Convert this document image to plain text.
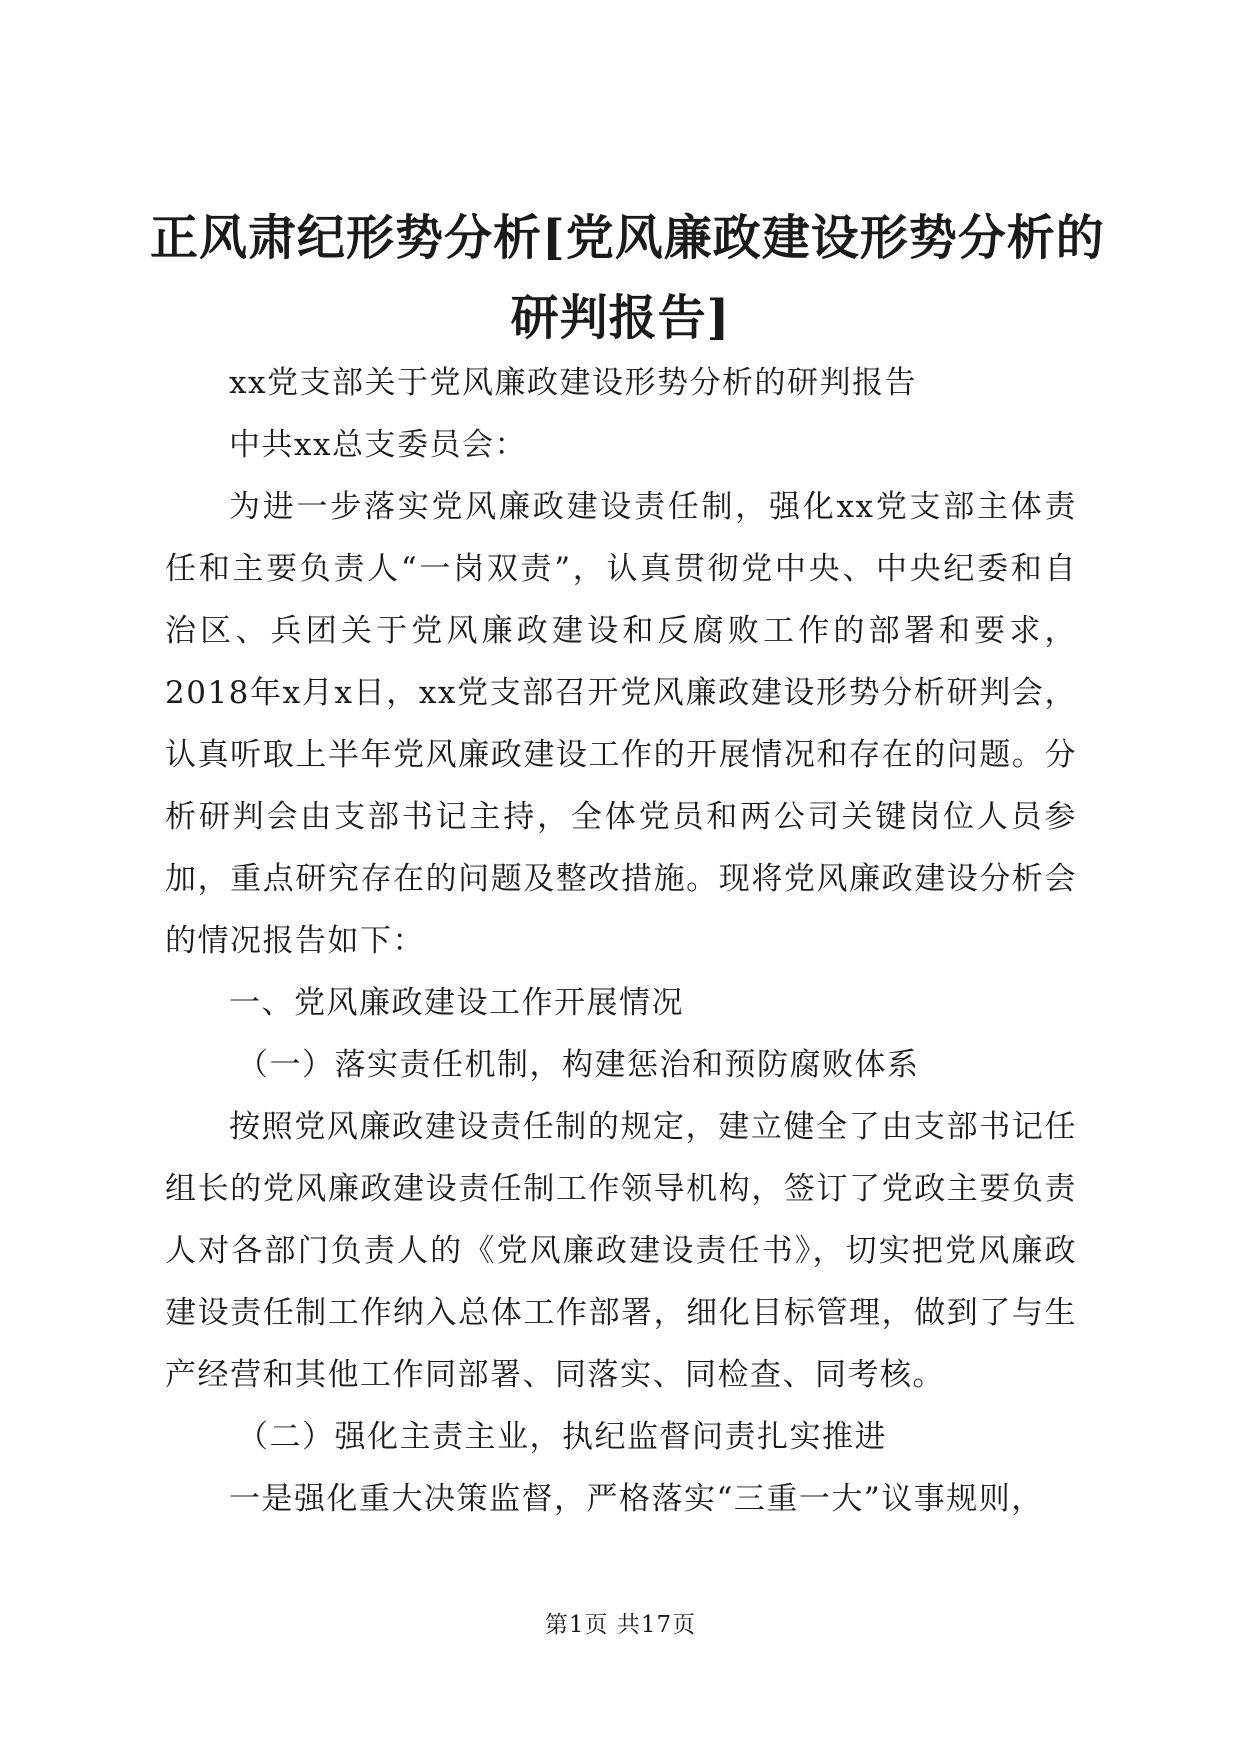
正风肃纪形势分析[党风廉政建设形势分析的
研判报告]

xx党支部关于党风廉政建设形势分析的研判报告

中共xx总支委员会：

为进一步落实党风廉政建设责任制，强化xx党支部主体责任和主要负责人“一岗双责”，认真贯彻党中央、中央纪委和自治区、兵团关于党风廉政建设和反腐败工作的部署和要求，2018年x月x日，xx党支部召开党风廉政建设形势分析研判会，认真听取上半年党风廉政建设工作的开展情况和存在的问题。分析研判会由支部书记主持，全体党员和两公司关键岗位人员参加，重点研究存在的问题及整改措施。现将党风廉政建设分析会的情况报告如下：

一、党风廉政建设工作开展情况

（一）落实责任机制，构建惩治和预防腐败体系

按照党风廉政建设责任制的规定，建立健全了由支部书记任组长的党风廉政建设责任制工作领导机构，签订了党政主要负责人对各部门负责人的《党风廉政建设责任书》，切实把党风廉政建设责任制工作纳入总体工作部署，细化目标管理，做到了与生产经营和其他工作同部署、同落实、同检查、同考核。

（二）强化主责主业，执纪监督问责扎实推进

一是强化重大决策监督，严格落实“三重一大”议事规则，

第1页 共17页
